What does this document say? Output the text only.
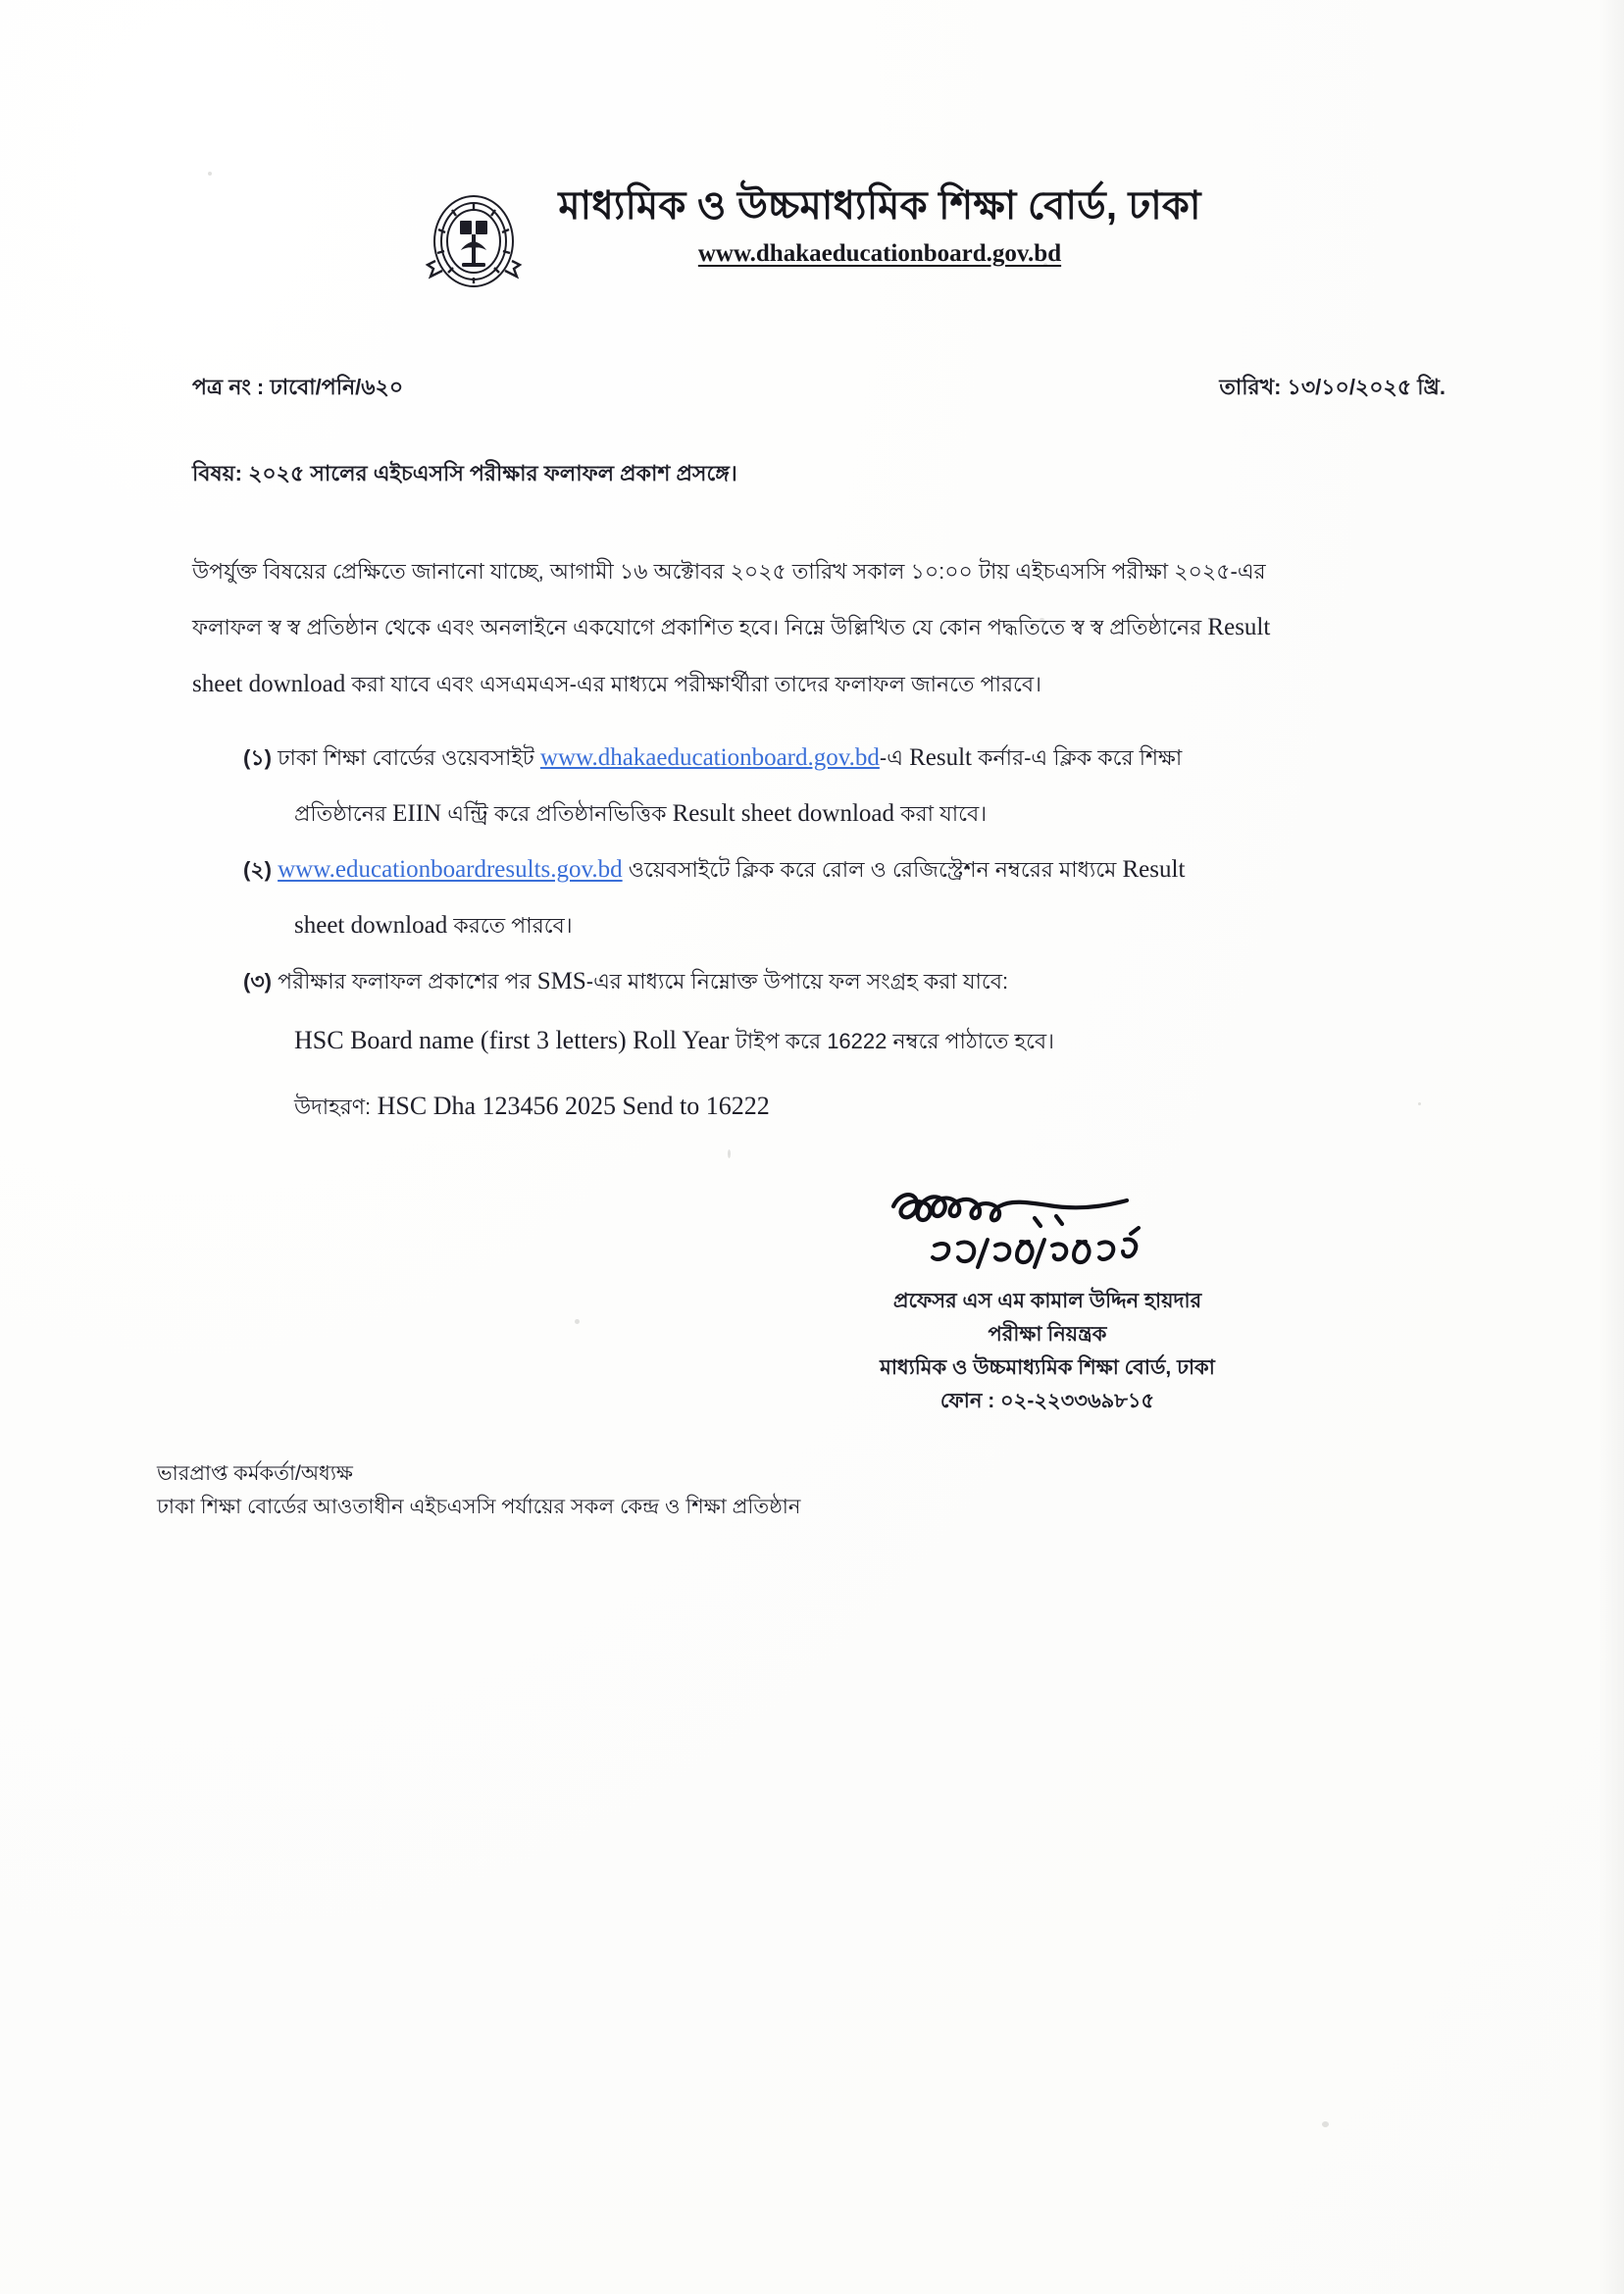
মাধ্যমিক ও উচ্চমাধ্যমিক শিক্ষা বোর্ড, ঢাকা
www.dhakaeducationboard.gov.bd
পত্র নং : ঢাবো/পনি/৬২০	তারিখ: ১৩/১০/২০২৫ খ্রি.
বিষয়: ২০২৫ সালের এইচএসসি পরীক্ষার ফলাফল প্রকাশ প্রসঙ্গে।
উপর্যুক্ত বিষয়ের প্রেক্ষিতে জানানো যাচ্ছে, আগামী ১৬ অক্টোবর ২০২৫ তারিখ সকাল ১০:০০ টায় এইচএসসি পরীক্ষা ২০২৫-এর
ফলাফল স্ব স্ব প্রতিষ্ঠান থেকে এবং অনলাইনে একযোগে প্রকাশিত হবে। নিম্নে উল্লিখিত যে কোন পদ্ধতিতে স্ব স্ব প্রতিষ্ঠানের Result
sheet download করা যাবে এবং এসএমএস-এর মাধ্যমে পরীক্ষার্থীরা তাদের ফলাফল জানতে পারবে।
(১) ঢাকা শিক্ষা বোর্ডের ওয়েবসাইট www.dhakaeducationboard.gov.bd-এ Result কর্নার-এ ক্লিক করে শিক্ষা
প্রতিষ্ঠানের EIIN এন্ট্রি করে প্রতিষ্ঠানভিত্তিক Result sheet download করা যাবে।
(২) www.educationboardresults.gov.bd ওয়েবসাইটে ক্লিক করে রোল ও রেজিস্ট্রেশন নম্বরের মাধ্যমে Result
sheet download করতে পারবে।
(৩) পরীক্ষার ফলাফল প্রকাশের পর SMS-এর মাধ্যমে নিম্নোক্ত উপায়ে ফল সংগ্রহ করা যাবে:
HSC Board name (first 3 letters) Roll Year টাইপ করে 16222 নম্বরে পাঠাতে হবে।
উদাহরণ: HSC Dha 123456 2025 Send to 16222
প্রফেসর এস এম কামাল উদ্দিন হায়দার
পরীক্ষা নিয়ন্ত্রক
মাধ্যমিক ও উচ্চমাধ্যমিক শিক্ষা বোর্ড, ঢাকা
ফোন : ০২-২২৩৩৬৯৮১৫
ভারপ্রাপ্ত কর্মকর্তা/অধ্যক্ষ
ঢাকা শিক্ষা বোর্ডের আওতাধীন এইচএসসি পর্যায়ের সকল কেন্দ্র ও শিক্ষা প্রতিষ্ঠান
